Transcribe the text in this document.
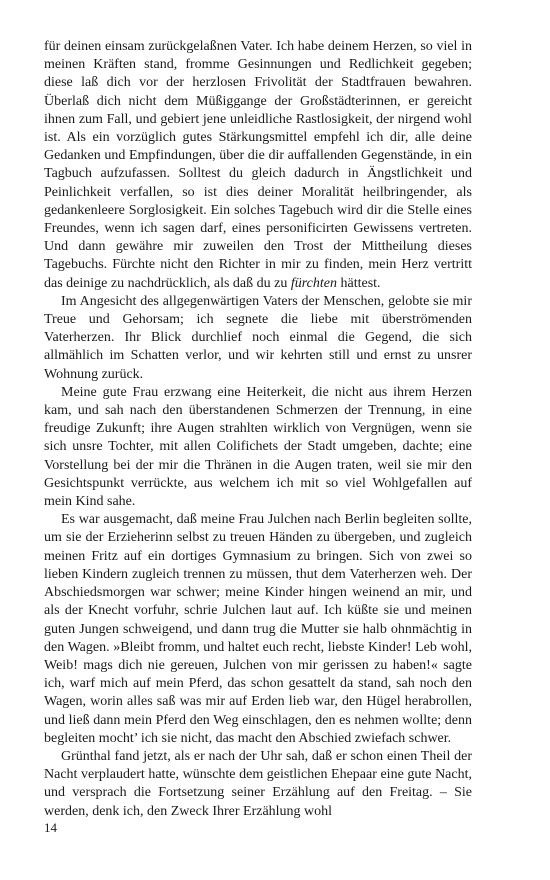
für deinen einsam zurückgelaßnen Vater. Ich habe deinem Herzen, so viel in meinen Kräften stand, fromme Gesinnungen und Redlichkeit gegeben; diese laß dich vor der herzlosen Frivolität der Stadtfrauen bewahren. Überlaß dich nicht dem Müßiggange der Großstädterinnen, er gereicht ihnen zum Fall, und gebiert jene unleidliche Rastlosigkeit, der nirgend wohl ist. Als ein vorzüglich gutes Stärkungsmittel empfehl ich dir, alle deine Gedanken und Empfindungen, über die dir auffallenden Gegenstände, in ein Tagbuch aufzufassen. Solltest du gleich dadurch in Ängstlichkeit und Peinlichkeit verfallen, so ist dies deiner Moralität heilbringender, als gedankenleere Sorglosigkeit. Ein solches Tagebuch wird dir die Stelle eines Freundes, wenn ich sagen darf, eines personificirten Gewissens vertreten. Und dann gewähre mir zuweilen den Trost der Mittheilung dieses Tagebuchs. Fürchte nicht den Richter in mir zu finden, mein Herz vertritt das deinige zu nachdrücklich, als daß du zu fürchten hättest.

Im Angesicht des allgegenwärtigen Vaters der Menschen, gelobte sie mir Treue und Gehorsam; ich segnete die liebe mit überströmenden Vaterherzen. Ihr Blick durchlief noch einmal die Gegend, die sich allmählich im Schatten verlor, und wir kehrten still und ernst zu unsrer Wohnung zurück.

Meine gute Frau erzwang eine Heiterkeit, die nicht aus ihrem Herzen kam, und sah nach den überstandenen Schmerzen der Trennung, in eine freudige Zukunft; ihre Augen strahlten wirklich von Vergnügen, wenn sie sich unsre Tochter, mit allen Colifichets der Stadt umgeben, dachte; eine Vorstellung bei der mir die Thränen in die Augen traten, weil sie mir den Gesichtspunkt verrückte, aus welchem ich mit so viel Wohlgefallen auf mein Kind sahe.

Es war ausgemacht, daß meine Frau Julchen nach Berlin begleiten sollte, um sie der Erzieherinn selbst zu treuen Händen zu übergeben, und zugleich meinen Fritz auf ein dortiges Gymnasium zu bringen. Sich von zwei so lieben Kindern zugleich trennen zu müssen, thut dem Vaterherzen weh. Der Abschiedsmorgen war schwer; meine Kinder hingen weinend an mir, und als der Knecht vorfuhr, schrie Julchen laut auf. Ich küßte sie und meinen guten Jungen schweigend, und dann trug die Mutter sie halb ohnmächtig in den Wagen. »Bleibt fromm, und haltet euch recht, liebste Kinder! Leb wohl, Weib! mags dich nie gereuen, Julchen von mir gerissen zu haben!« sagte ich, warf mich auf mein Pferd, das schon gesattelt da stand, sah noch den Wagen, worin alles saß was mir auf Erden lieb war, den Hügel herabrollen, und ließ dann mein Pferd den Weg einschlagen, den es nehmen wollte; denn begleiten mocht’ ich sie nicht, das macht den Abschied zwiefach schwer.

Grünthal fand jetzt, als er nach der Uhr sah, daß er schon einen Theil der Nacht verplaudert hatte, wünschte dem geistlichen Ehepaar eine gute Nacht, und versprach die Fortsetzung seiner Erzählung auf den Freitag. – Sie werden, denk ich, den Zweck Ihrer Erzählung wohl

14
